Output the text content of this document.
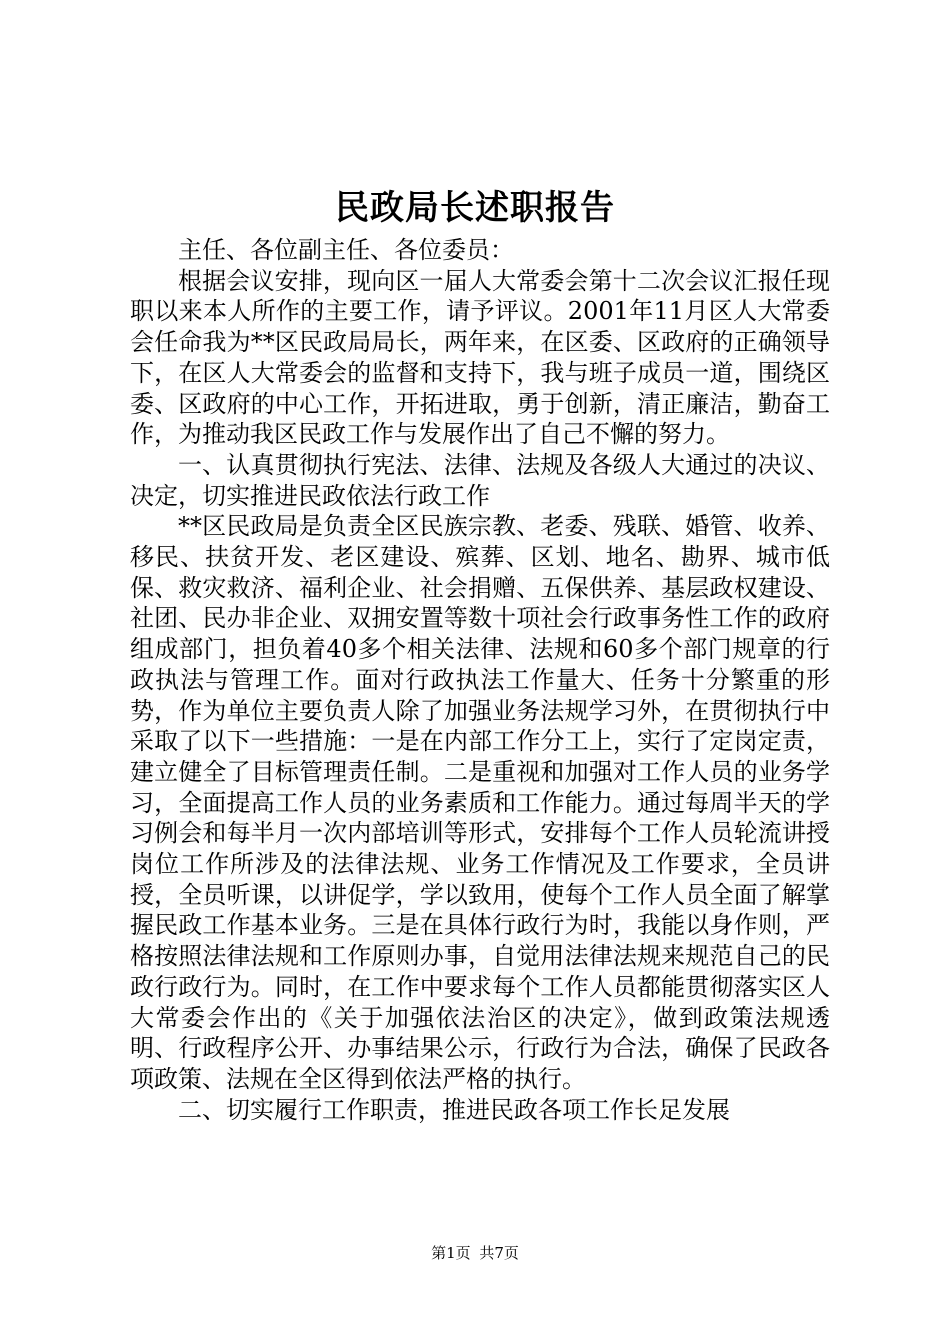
民政局长述职报告

主任、各位副主任、各位委员：

根据会议安排，现向区一届人大常委会第十二次会议汇报任现职以来本人所作的主要工作，请予评议。2001年11月区人大常委会任命我为**区民政局局长，两年来，在区委、区政府的正确领导下，在区人大常委会的监督和支持下，我与班子成员一道，围绕区委、区政府的中心工作，开拓进取，勇于创新，清正廉洁，勤奋工作，为推动我区民政工作与发展作出了自己不懈的努力。

一、认真贯彻执行宪法、法律、法规及各级人大通过的决议、决定，切实推进民政依法行政工作

**区民政局是负责全区民族宗教、老委、残联、婚管、收养、移民、扶贫开发、老区建设、殡葬、区划、地名、勘界、城市低保、救灾救济、福利企业、社会捐赠、五保供养、基层政权建设、社团、民办非企业、双拥安置等数十项社会行政事务性工作的政府组成部门，担负着40多个相关法律、法规和60多个部门规章的行政执法与管理工作。面对行政执法工作量大、任务十分繁重的形势，作为单位主要负责人除了加强业务法规学习外，在贯彻执行中采取了以下一些措施：一是在内部工作分工上，实行了定岗定责，建立健全了目标管理责任制。二是重视和加强对工作人员的业务学习，全面提高工作人员的业务素质和工作能力。通过每周半天的学习例会和每半月一次内部培训等形式，安排每个工作人员轮流讲授岗位工作所涉及的法律法规、业务工作情况及工作要求，全员讲授，全员听课，以讲促学，学以致用，使每个工作人员全面了解掌握民政工作基本业务。三是在具体行政行为时，我能以身作则，严格按照法律法规和工作原则办事，自觉用法律法规来规范自己的民政行政行为。同时，在工作中要求每个工作人员都能贯彻落实区人大常委会作出的《关于加强依法治区的决定》，做到政策法规透明、行政程序公开、办事结果公示，行政行为合法，确保了民政各项政策、法规在全区得到依法严格的执行。

二、切实履行工作职责，推进民政各项工作长足发展

第1页 共7页
